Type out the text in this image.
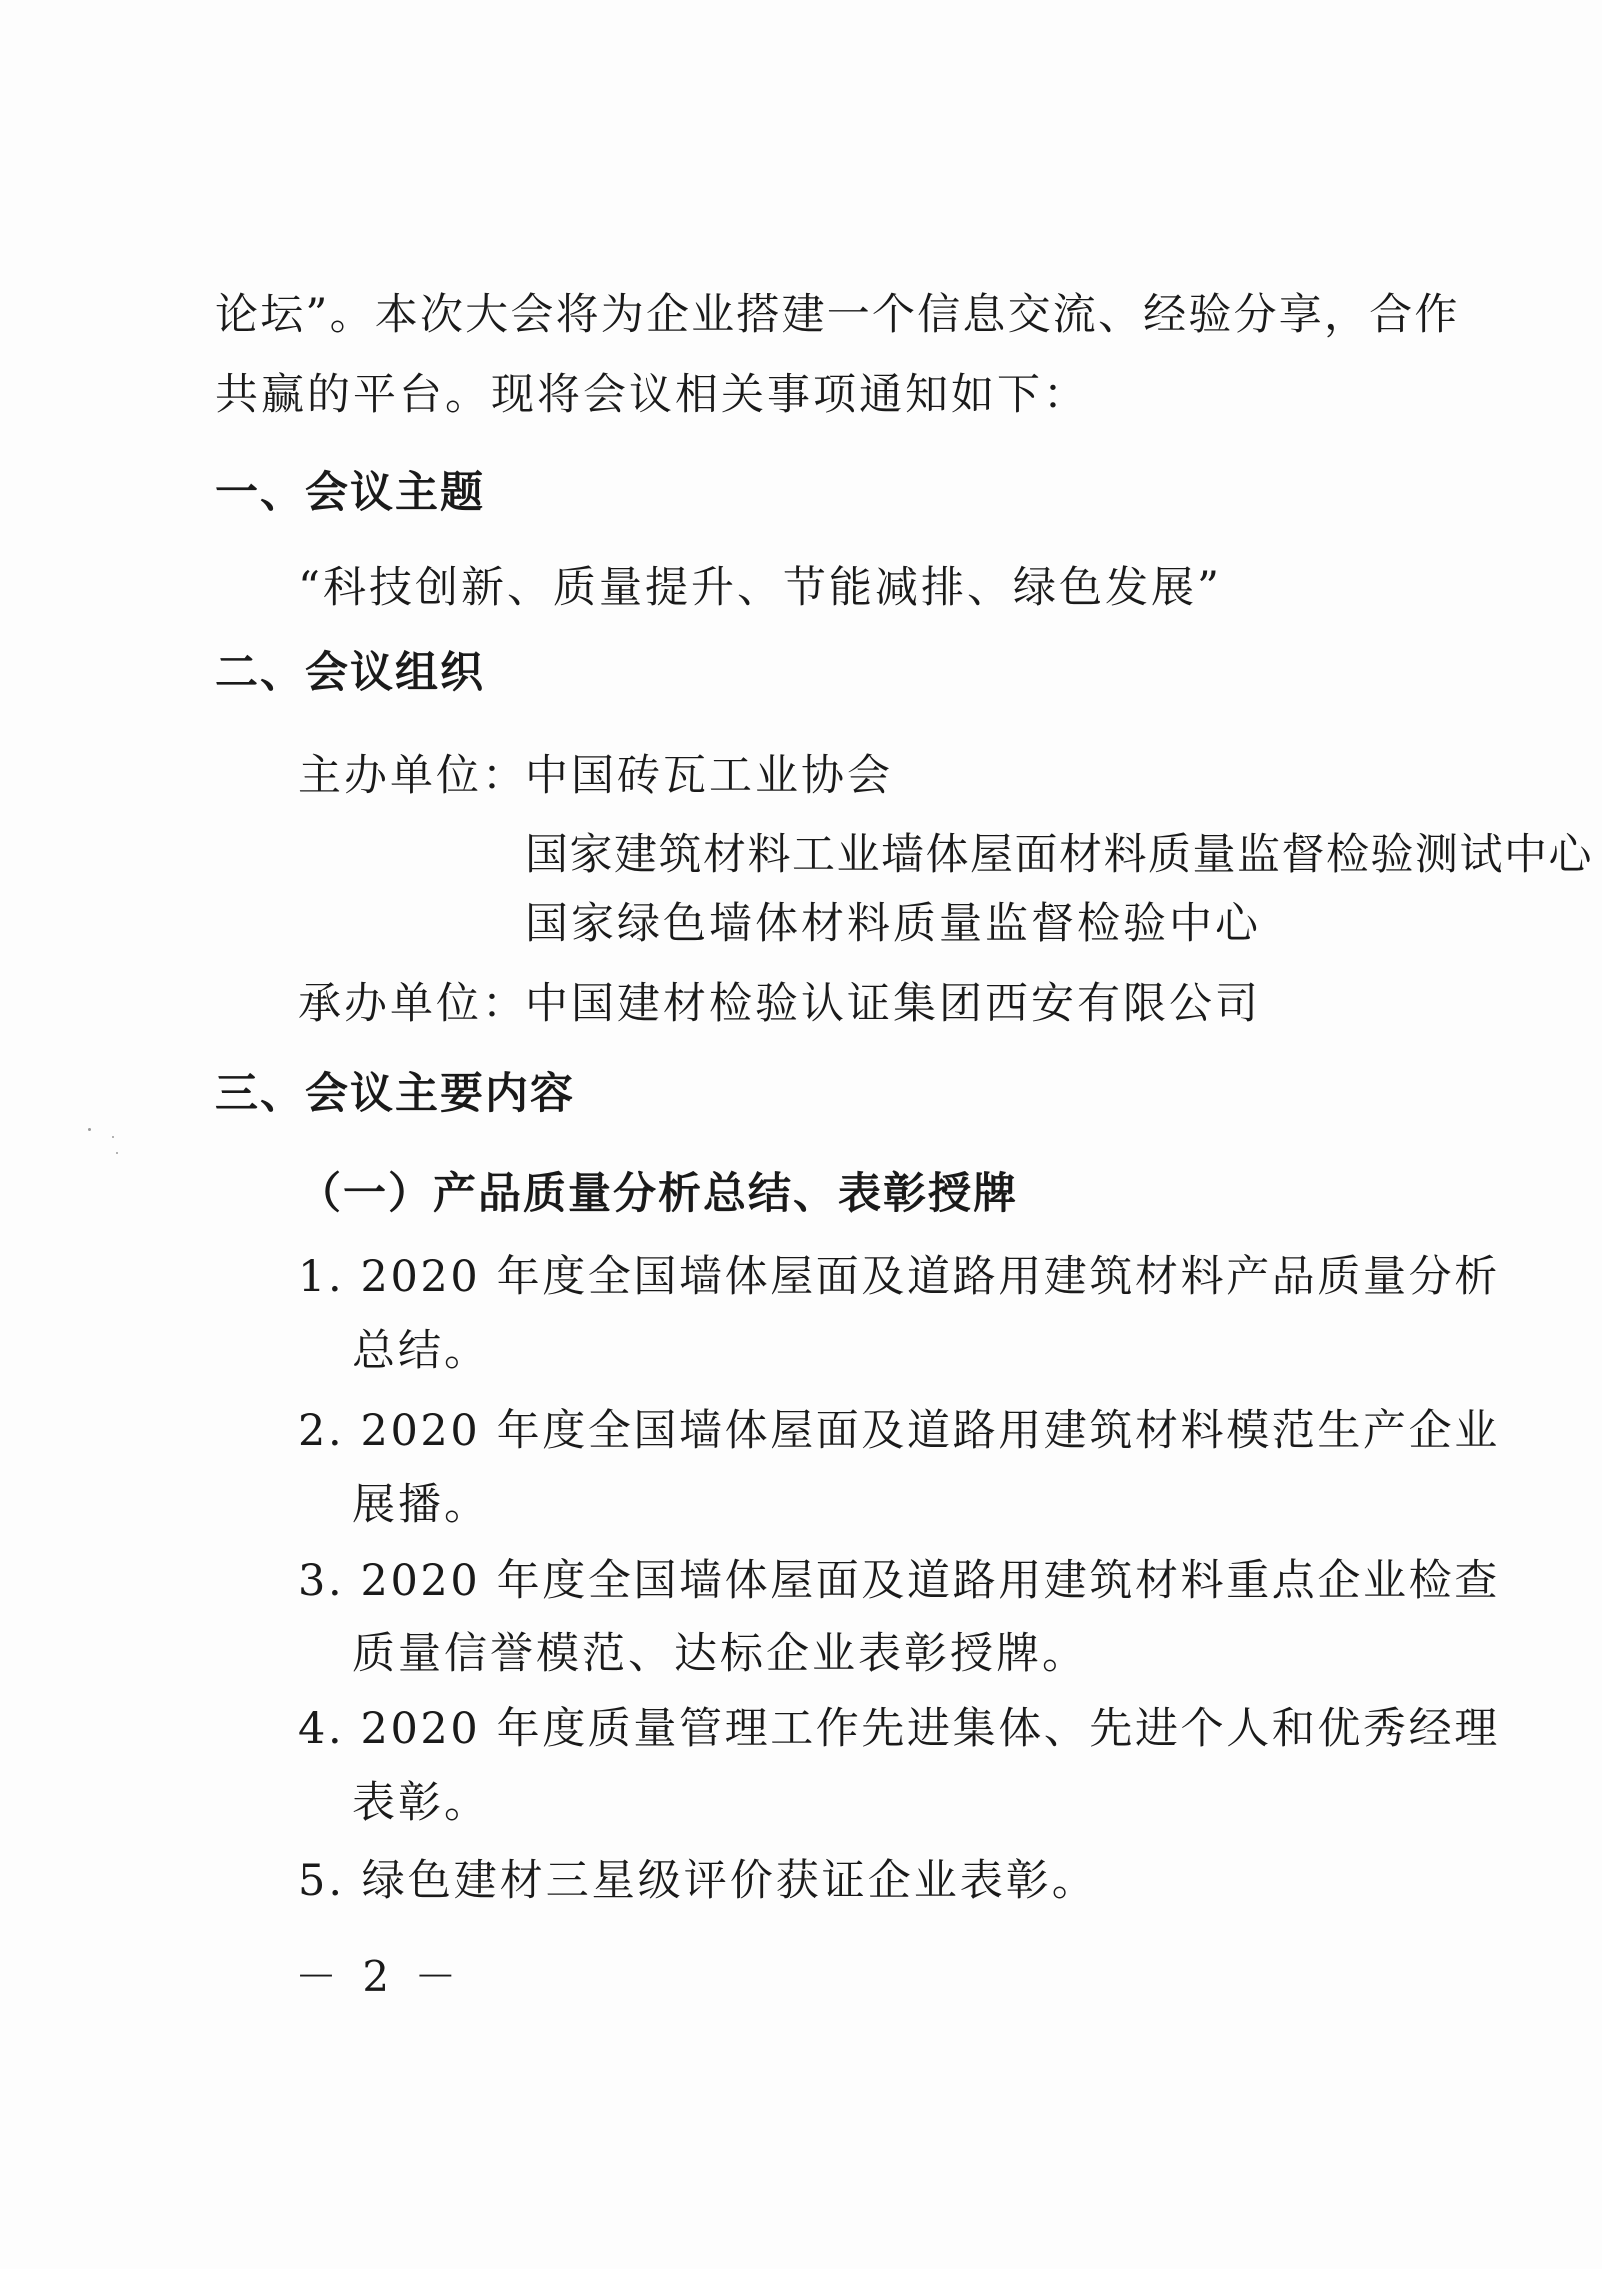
论坛”。本次大会将为企业搭建一个信息交流、经验分享，合作
共赢的平台。现将会议相关事项通知如下：
一、会议主题
“科技创新、质量提升、节能减排、绿色发展”
二、会议组织
主办单位：
中国砖瓦工业协会
国家建筑材料工业墙体屋面材料质量监督检验测试中心
国家绿色墙体材料质量监督检验中心
承办单位：
中国建材检验认证集团西安有限公司
三、会议主要内容
（一）产品质量分析总结、表彰授牌
1. 2020 年度全国墙体屋面及道路用建筑材料产品质量分析
总结。
2. 2020 年度全国墙体屋面及道路用建筑材料模范生产企业
展播。
3. 2020 年度全国墙体屋面及道路用建筑材料重点企业检查
质量信誉模范、达标企业表彰授牌。
4. 2020 年度质量管理工作先进集体、先进个人和优秀经理
表彰。
5. 绿色建材三星级评价获证企业表彰。
－ 2 －
